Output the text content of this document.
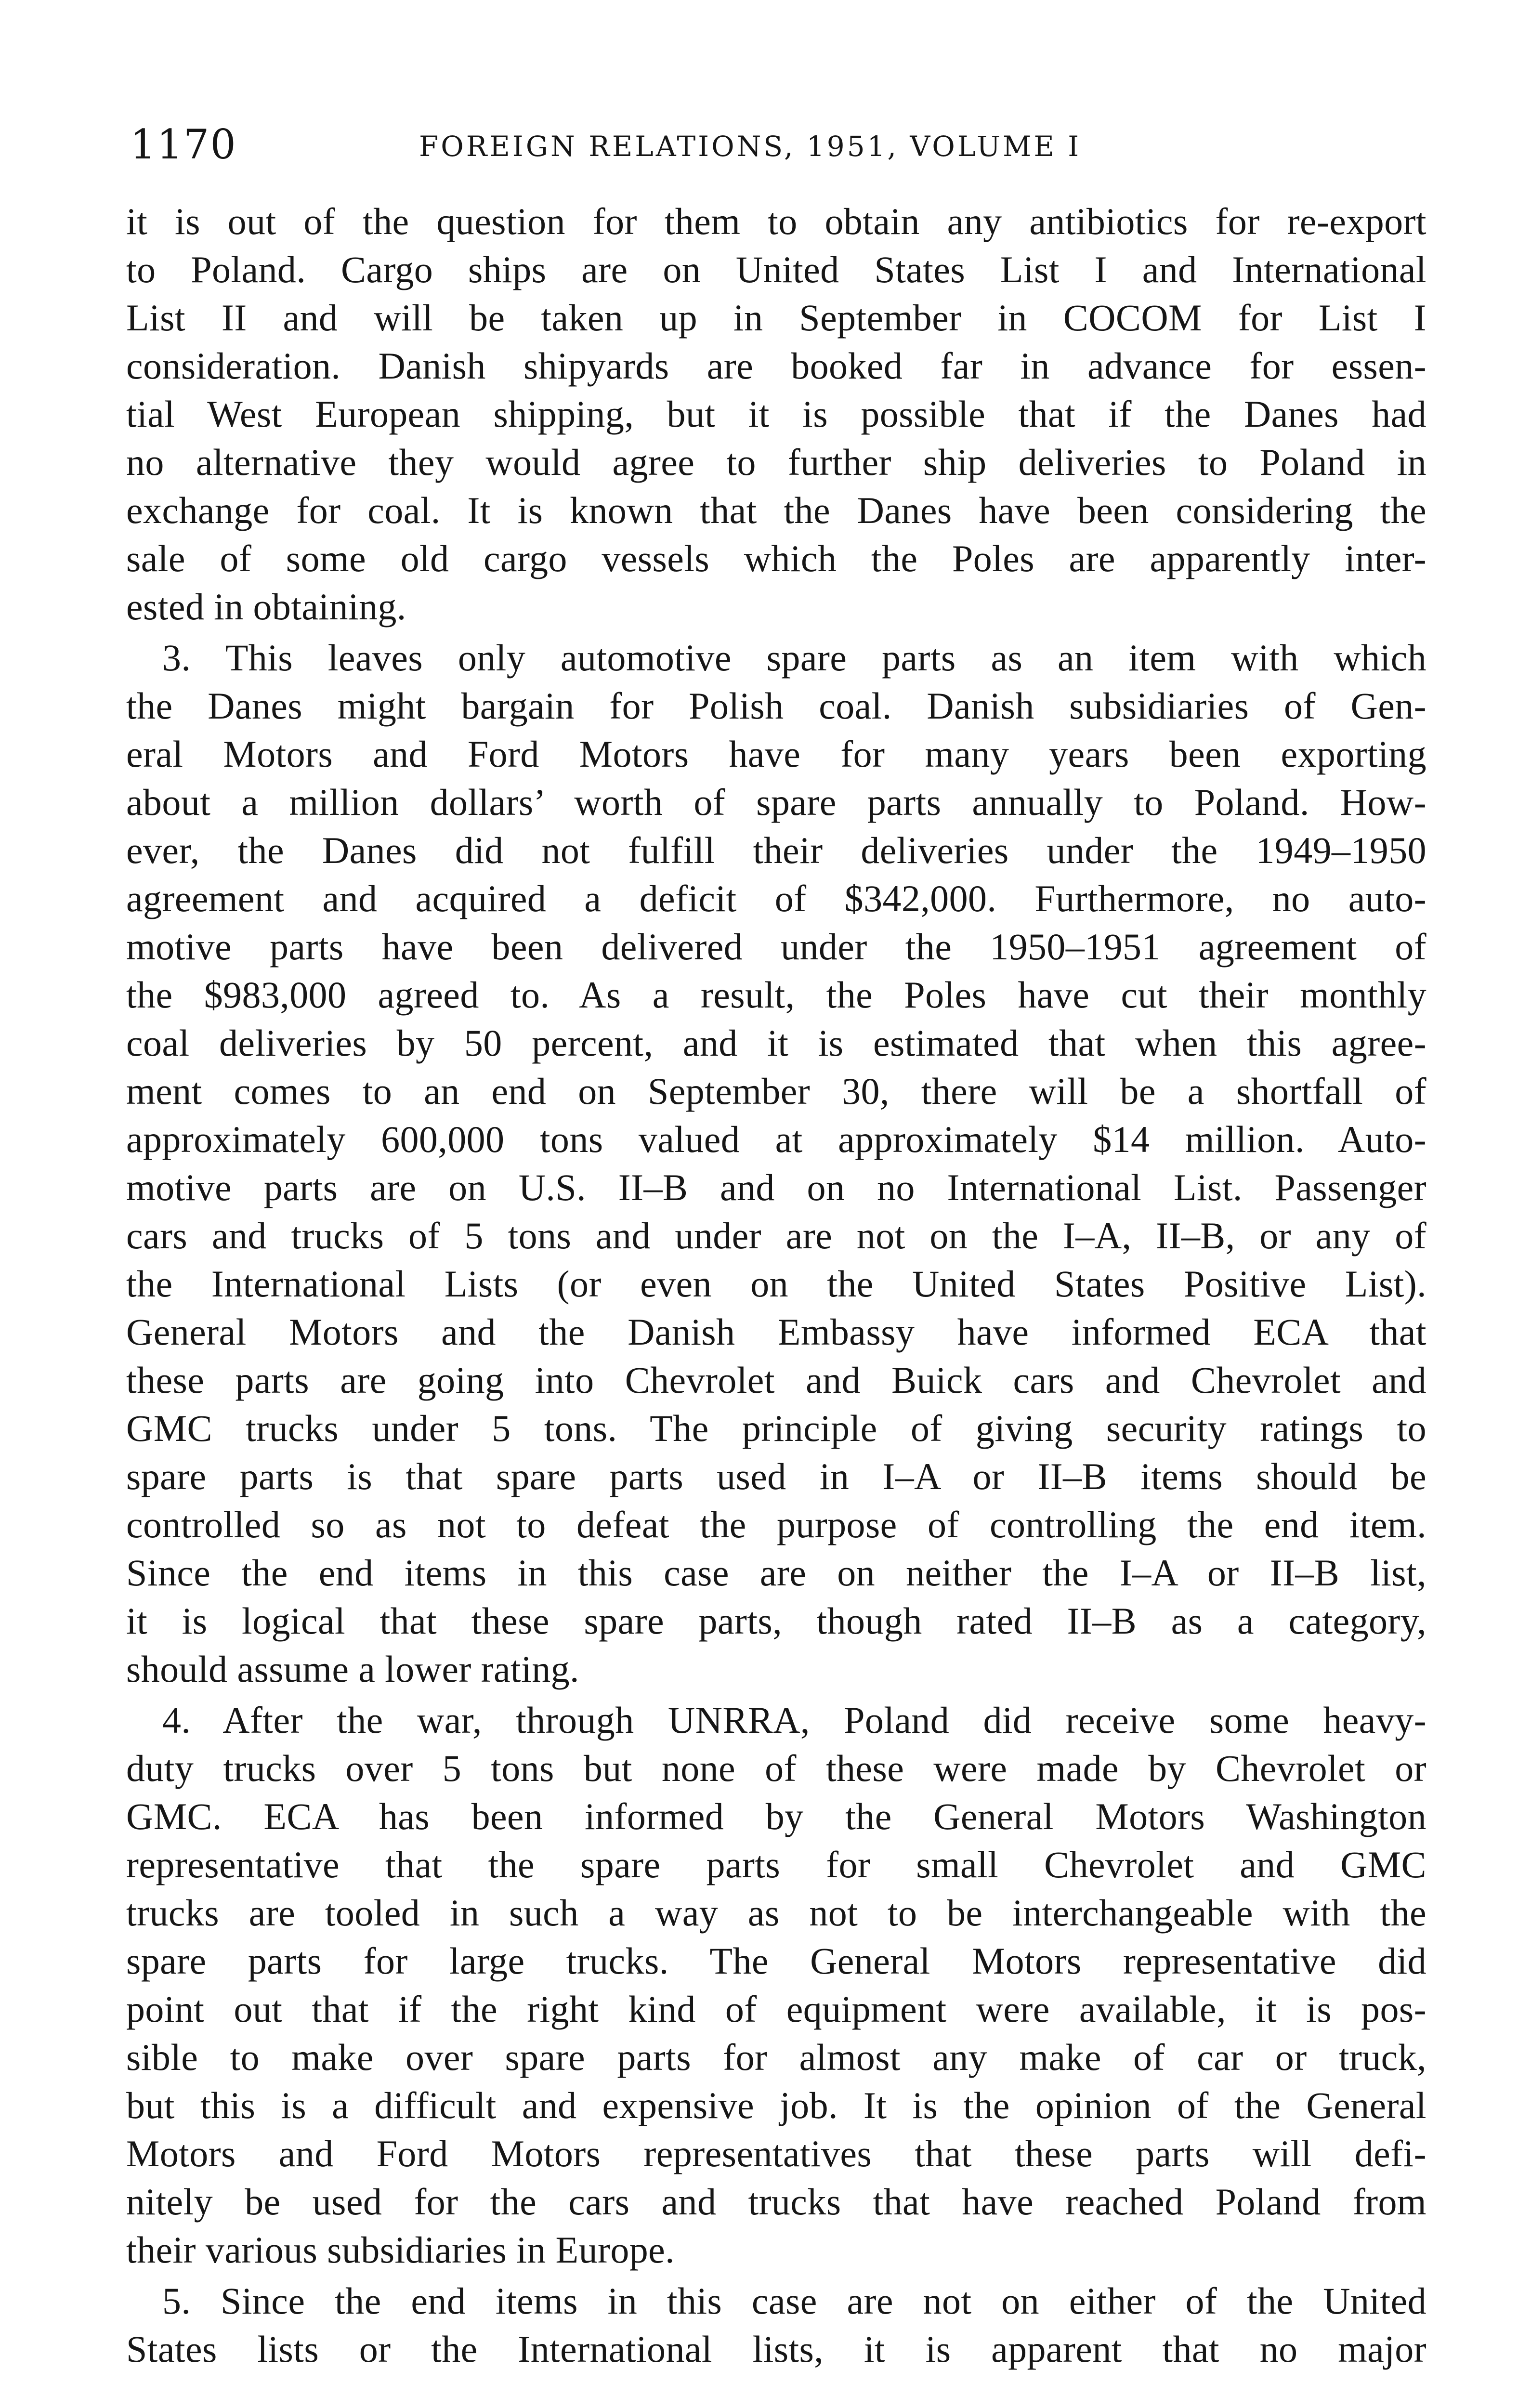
1170	FOREIGN RELATIONS, 1951, VOLUME I
it is out of the question for them to obtain any antibiotics for re-export
to Poland. Cargo ships are on United States List I and International
List II and will be taken up in September in COCOM for List I
consideration. Danish shipyards are booked far in advance for essen-
tial West European shipping, but it is possible that if the Danes had
no alternative they would agree to further ship deliveries to Poland in
exchange for coal. It is known that the Danes have been considering the
sale of some old cargo vessels which the Poles are apparently inter-
ested in obtaining.
3. This leaves only automotive spare parts as an item with which
the Danes might bargain for Polish coal. Danish subsidiaries of Gen-
eral Motors and Ford Motors have for many years been exporting
about a million dollars’ worth of spare parts annually to Poland. How-
ever, the Danes did not fulfill their deliveries under the 1949–1950
agreement and acquired a deficit of $342,000. Furthermore, no auto-
motive parts have been delivered under the 1950–1951 agreement of
the $983,000 agreed to. As a result, the Poles have cut their monthly
coal deliveries by 50 percent, and it is estimated that when this agree-
ment comes to an end on September 30, there will be a shortfall of
approximately 600,000 tons valued at approximately $14 million. Auto-
motive parts are on U.S. II–B and on no International List. Passenger
cars and trucks of 5 tons and under are not on the I–A, II–B, or any of
the International Lists (or even on the United States Positive List).
General Motors and the Danish Embassy have informed ECA that
these parts are going into Chevrolet and Buick cars and Chevrolet and
GMC trucks under 5 tons. The principle of giving security ratings to
spare parts is that spare parts used in I–A or II–B items should be
controlled so as not to defeat the purpose of controlling the end item.
Since the end items in this case are on neither the I–A or II–B list,
it is logical that these spare parts, though rated II–B as a category,
should assume a lower rating.
4. After the war, through UNRRA, Poland did receive some heavy-
duty trucks over 5 tons but none of these were made by Chevrolet or
GMC. ECA has been informed by the General Motors Washington
representative that the spare parts for small Chevrolet and GMC
trucks are tooled in such a way as not to be interchangeable with the
spare parts for large trucks. The General Motors representative did
point out that if the right kind of equipment were available, it is pos-
sible to make over spare parts for almost any make of car or truck,
but this is a difficult and expensive job. It is the opinion of the General
Motors and Ford Motors representatives that these parts will defi-
nitely be used for the cars and trucks that have reached Poland from
their various subsidiaries in Europe.
5. Since the end items in this case are not on either of the United
States lists or the International lists, it is apparent that no major
